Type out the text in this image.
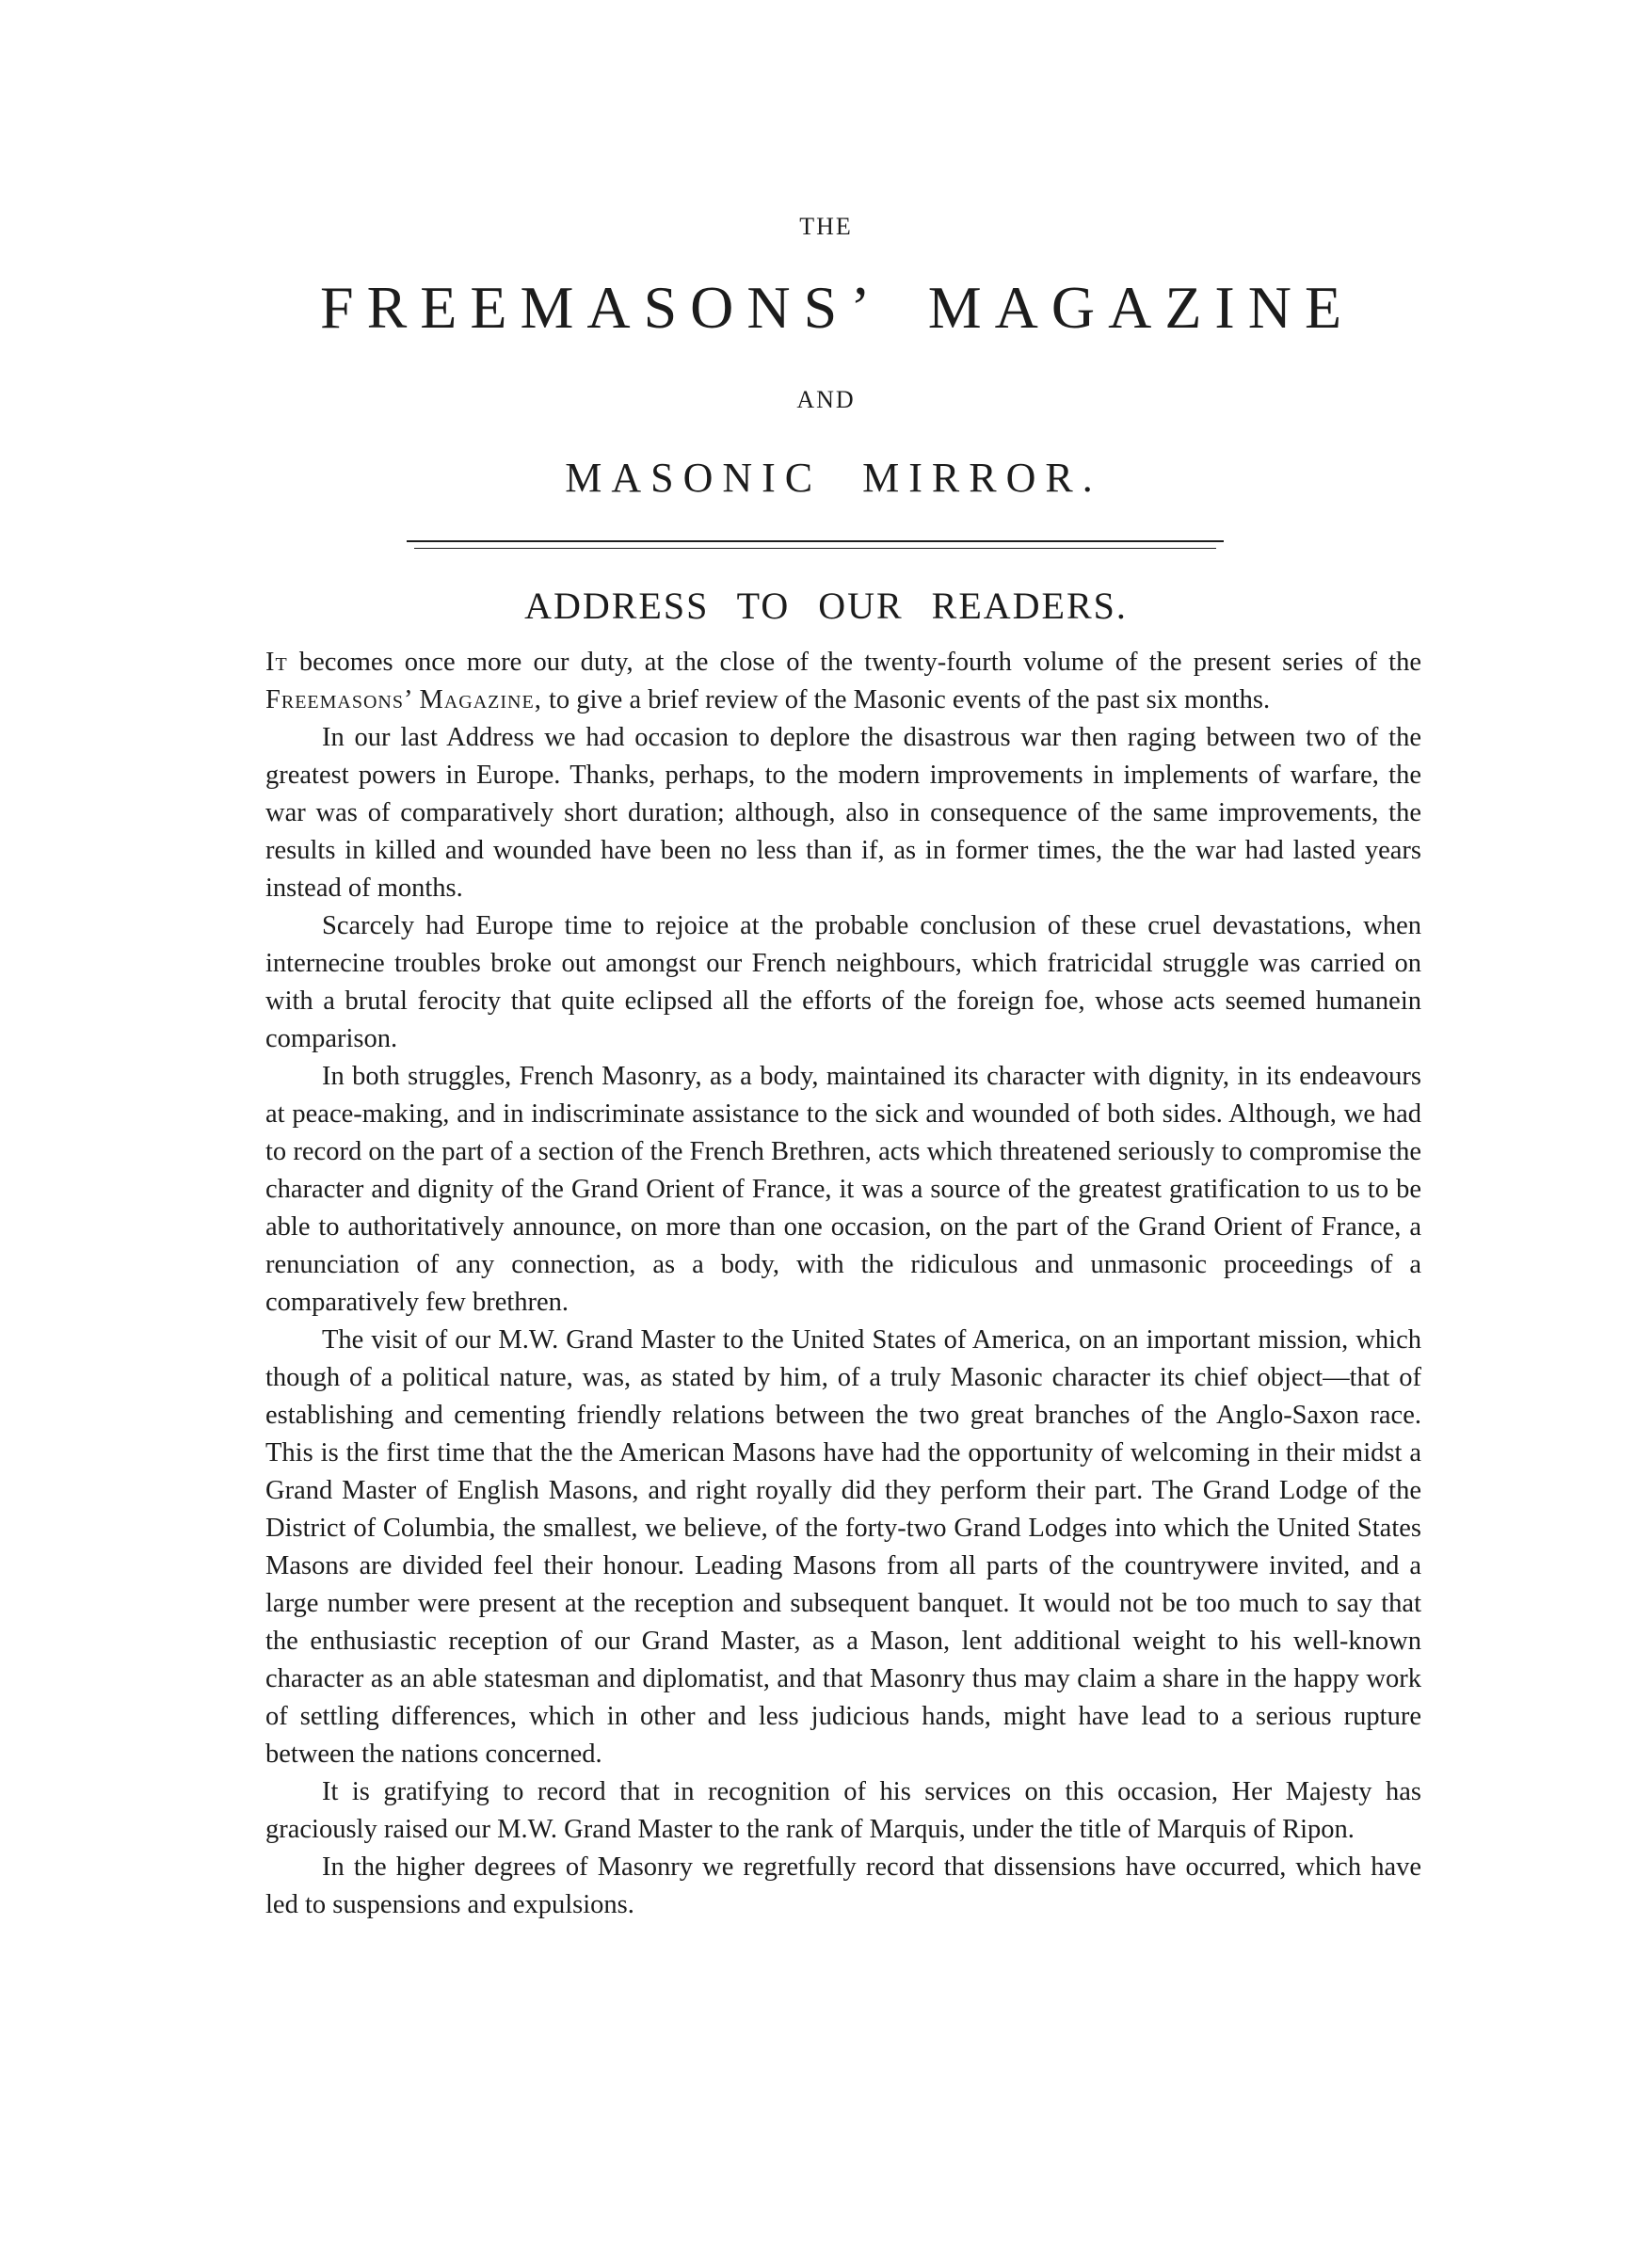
THE
FREEMASONS’ MAGAZINE
AND
MASONIC MIRROR.
ADDRESS TO OUR READERS.

It becomes once more our duty, at the close of the twenty-fourth volume of the present series of the Freemasons’ Magazine, to give a brief review of the Masonic events of the past six months.

In our last Address we had occasion to deplore the disastrous war then raging between two of the greatest powers in Europe. Thanks, perhaps, to the modern improvements in implements of warfare, the war was of comparatively short duration; although, also in consequence of the same improvements, the results in killed and wounded have been no less than if, as in former times, the the war had lasted years instead of months.

Scarcely had Europe time to rejoice at the probable conclusion of these cruel devastations, when internecine troubles broke out amongst our French neighbours, which fratricidal struggle was carried on with a brutal ferocity that quite eclipsed all the efforts of the foreign foe, whose acts seemed humanein comparison.

In both struggles, French Masonry, as a body, maintained its character with dignity, in its endeavours at peace-making, and in indiscriminate assistance to the sick and wounded of both sides. Although, we had to record on the part of a section of the French Brethren, acts which threatened seriously to compromise the character and dignity of the Grand Orient of France, it was a source of the greatest gratification to us to be able to authoritatively announce, on more than one occasion, on the part of the Grand Orient of France, a renunciation of any connection, as a body, with the ridiculous and unmasonic proceedings of a comparatively few brethren.

The visit of our M.W. Grand Master to the United States of America, on an important mission, which though of a political nature, was, as stated by him, of a truly Masonic character its chief object—that of establishing and cementing friendly relations between the two great branches of the Anglo-Saxon race. This is the first time that the the American Masons have had the opportunity of welcoming in their midst a Grand Master of English Masons, and right royally did they perform their part. The Grand Lodge of the District of Columbia, the smallest, we believe, of the forty-two Grand Lodges into which the United States Masons are divided feel their honour. Leading Masons from all parts of the countrywere invited, and a large number were present at the reception and subsequent banquet. It would not be too much to say that the enthusiastic reception of our Grand Master, as a Mason, lent additional weight to his well-known character as an able statesman and diplomatist, and that Masonry thus may claim a share in the happy work of settling differences, which in other and less judicious hands, might have lead to a serious rupture between the nations concerned.

It is gratifying to record that in recognition of his services on this occasion, Her Majesty has graciously raised our M.W. Grand Master to the rank of Marquis, under the title of Marquis of Ripon.

In the higher degrees of Masonry we regretfully record that dissensions have occurred, which have led to suspensions and expulsions.
